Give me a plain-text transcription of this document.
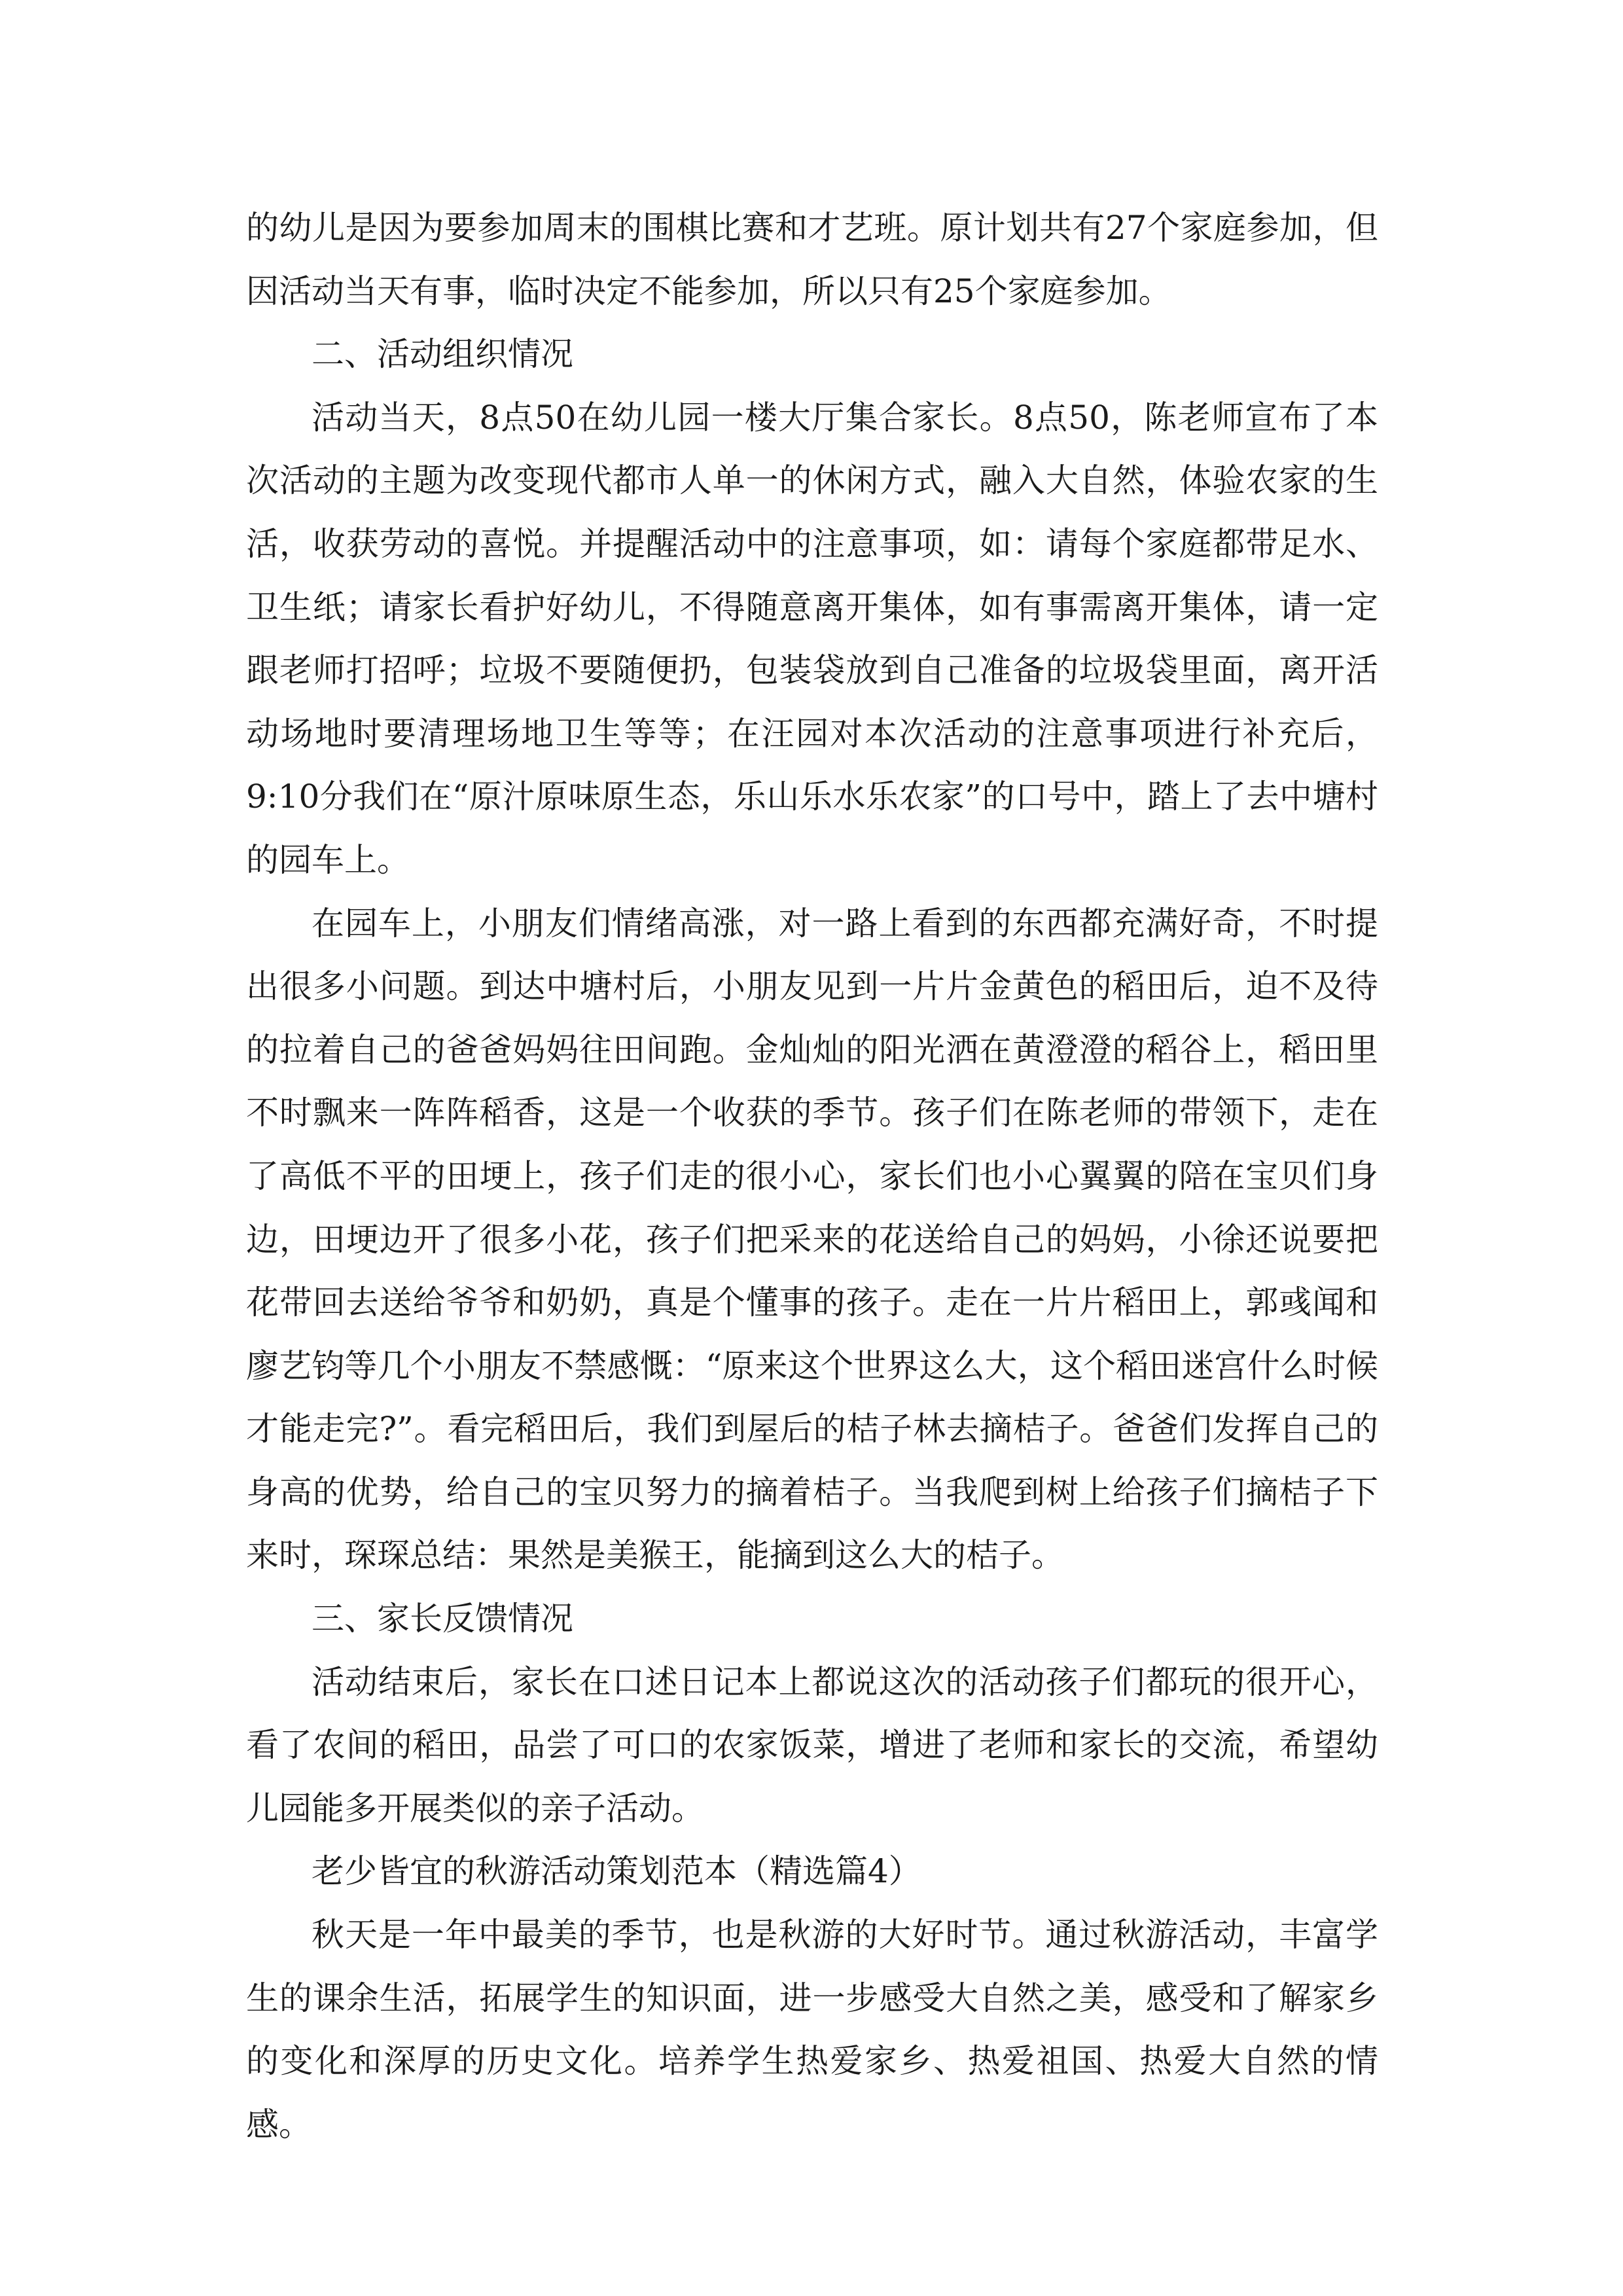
的幼儿是因为要参加周末的围棋比赛和才艺班。原计划共有27个家庭参加，但因活动当天有事，临时决定不能参加，所以只有25个家庭参加。

二、活动组织情况

活动当天，8点50在幼儿园一楼大厅集合家长。8点50，陈老师宣布了本次活动的主题为改变现代都市人单一的休闲方式，融入大自然，体验农家的生活，收获劳动的喜悦。并提醒活动中的注意事项，如：请每个家庭都带足水、卫生纸；请家长看护好幼儿，不得随意离开集体，如有事需离开集体，请一定跟老师打招呼；垃圾不要随便扔，包装袋放到自己准备的垃圾袋里面，离开活动场地时要清理场地卫生等等；在汪园对本次活动的注意事项进行补充后，9:10分我们在“原汁原味原生态，乐山乐水乐农家”的口号中，踏上了去中塘村的园车上。

在园车上，小朋友们情绪高涨，对一路上看到的东西都充满好奇，不时提出很多小问题。到达中塘村后，小朋友见到一片片金黄色的稻田后，迫不及待的拉着自己的爸爸妈妈往田间跑。金灿灿的阳光洒在黄澄澄的稻谷上，稻田里不时飘来一阵阵稻香，这是一个收获的季节。孩子们在陈老师的带领下，走在了高低不平的田埂上，孩子们走的很小心，家长们也小心翼翼的陪在宝贝们身边，田埂边开了很多小花，孩子们把采来的花送给自己的妈妈，小徐还说要把花带回去送给爷爷和奶奶，真是个懂事的孩子。走在一片片稻田上，郭彧闻和廖艺钧等几个小朋友不禁感慨：“原来这个世界这么大，这个稻田迷宫什么时候才能走完?”。看完稻田后，我们到屋后的桔子林去摘桔子。爸爸们发挥自己的身高的优势，给自己的宝贝努力的摘着桔子。当我爬到树上给孩子们摘桔子下来时，琛琛总结：果然是美猴王，能摘到这么大的桔子。

三、家长反馈情况

活动结束后，家长在口述日记本上都说这次的活动孩子们都玩的很开心，看了农间的稻田，品尝了可口的农家饭菜，增进了老师和家长的交流，希望幼儿园能多开展类似的亲子活动。

老少皆宜的秋游活动策划范本（精选篇4）

秋天是一年中最美的季节，也是秋游的大好时节。通过秋游活动，丰富学生的课余生活，拓展学生的知识面，进一步感受大自然之美，感受和了解家乡的变化和深厚的历史文化。培养学生热爱家乡、热爱祖国、热爱大自然的情感。
